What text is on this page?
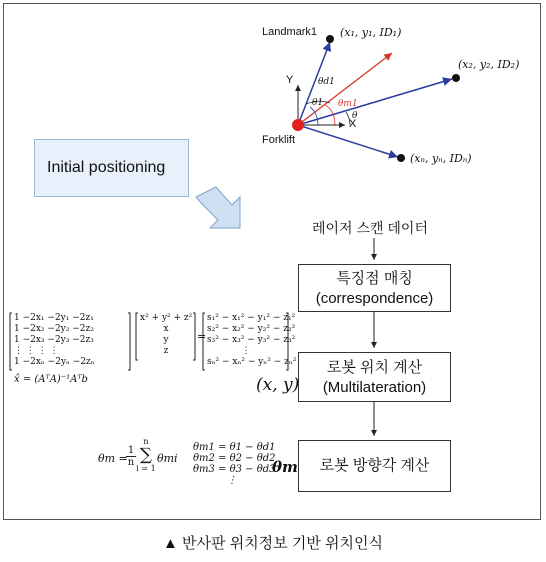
Landmark1 (x₁, y₁, ID₁)
(x₂, y₂, ID₂)
(xₙ, yₙ, IDₙ)
Y
X
Forklift
θd1
θ1 θm1
θ
Initial positioning
레이저 스캔 데이터
특징점 매칭
(correspondence)
로봇 위치 계산
(Multilateration)
로봇 방향각 계산
(x, y)
θm
1 −2x₁ −2y₁ −2z₁
1 −2x₂ −2y₂ −2z₂
1 −2x₃ −2y₃ −2z₃
⋮ ⋮ ⋮ ⋮
1 −2xₙ −2yₙ −2zₙ
x² + y² + z²
x
y
z
=
s₁² − x₁² − y₁² − z₁²
s₂² − x₂² − y₂² − z₂²
s₃² − x₃² − y₃² − z₃²
⋮
sₙ² − xₙ² − yₙ² − zₙ²
x̂ = (AᵀA)⁻¹Aᵀb
θm =
$\frac{1}{n}$
n
∑
i = 1
θmi
θm1 = θ1 − θd1
θm2 = θ2 − θd2
θm3 = θ3 − θd3
⋮
▲ 반사판 위치정보 기반 위치인식
